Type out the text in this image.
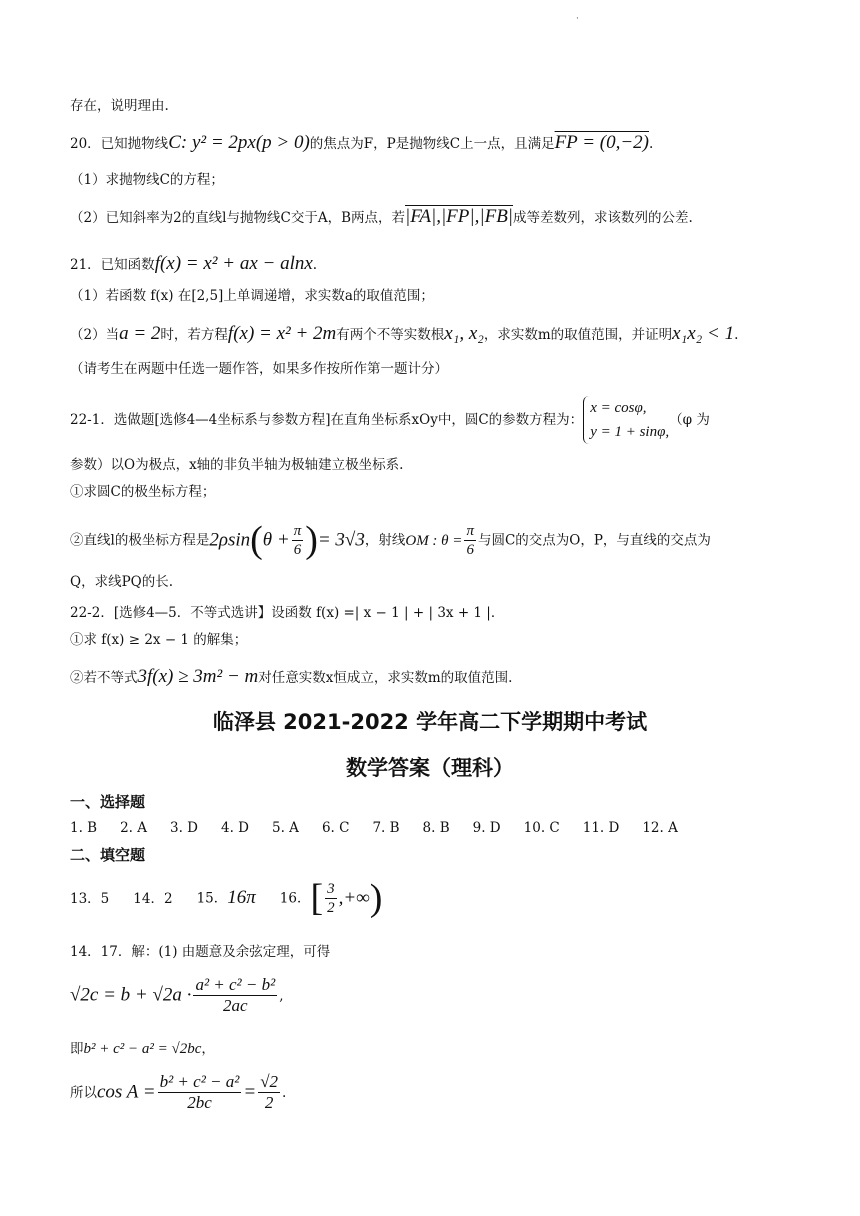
·
存在，说明理由.
20．已知抛物线C: y² = 2px(p > 0)的焦点为F，P是抛物线C上一点，且满足FP = (0,−2).
（1）求抛物线C的方程；
（2）已知斜率为2的直线l与抛物线C交于A，B两点，若|FA|,|FP|,|FB|成等差数列，求该数列的公差.
21．已知函数f(x) = x² + ax − alnx.
（1）若函数 f(x) 在[2,5]上单调递增，求实数a的取值范围；
（2）当a = 2时，若方程f(x) = x² + 2m有两个不等实数根x₁, x₂，求实数m的取值范围，并证明x₁x₂ < 1.
（请考生在两题中任选一题作答，如果多作按所作第一题计分）
22-1．选做题[选修4—4坐标系与参数方程]在直角坐标系xOy中，圆C的参数方程为：
x = cosφ,
y = 1 + sinφ,
（φ 为
参数）以O为极点，x轴的非负半轴为极轴建立极坐标系.
①求圆C的极坐标方程；
②直线l的极坐标方程是$2\rho\sin(\theta + \frac{\pi}{6}$ )= 3√3，射线OM : $\theta = \frac{\pi}{6}$ 与圆C的交点为O，P，与直线的交点为
Q，求线PQ的长.
22-2．[选修4—5．不等式选讲】设函数 f(x) =| x − 1 | + | 3x + 1 |．
①求 f(x) ≥ 2x − 1 的解集；
②若不等式3f(x) ≥ 3m² − m对任意实数x恒成立，求实数m的取值范围.
临泽县 2021-2022 学年高二下学期期中考试
数学答案（理科）
一、选择题
1. B 2. A 3. D 4. D 5. A 6. C 7. B 8. B 9. D 10. C 11. D 12. A
二、填空题
13．5 14．2 15．16π 16．[ $\frac{3}{2}$ ,+∞)
14．17．解：(1) 由题意及余弦定理，可得
$√2c = b + √2a \cdot \frac{\text{a² + c² − b²}}{2ac}$ ,
即b² + c² − a² = √2bc，
所以$\cos A = \frac{\text{b² + c² − a²}}{2bc} = \frac{√2}{2}$ .
